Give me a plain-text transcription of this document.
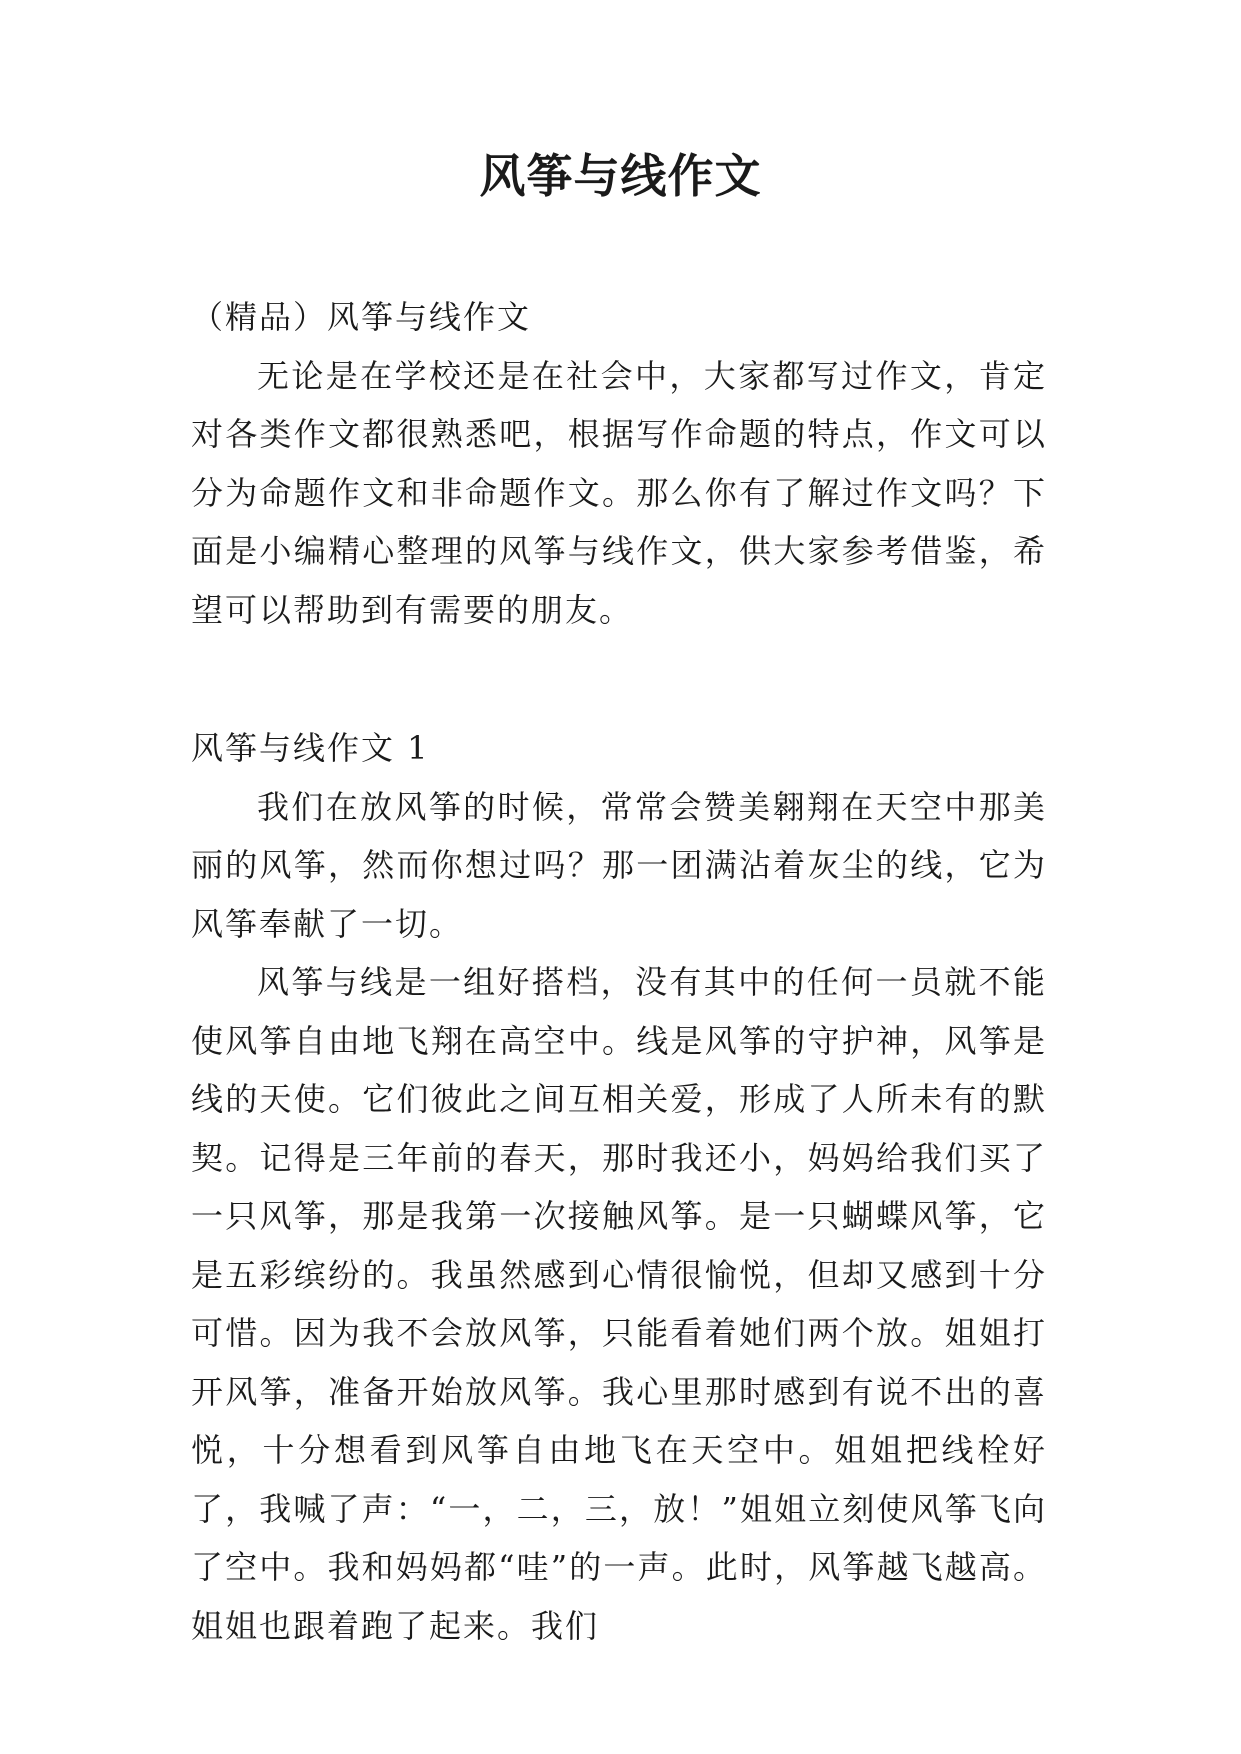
风筝与线作文

（精品）风筝与线作文

无论是在学校还是在社会中，大家都写过作文，肯定对各类作文都很熟悉吧，根据写作命题的特点，作文可以分为命题作文和非命题作文。那么你有了解过作文吗？下面是小编精心整理的风筝与线作文，供大家参考借鉴，希望可以帮助到有需要的朋友。

风筝与线作文 1

我们在放风筝的时候，常常会赞美翱翔在天空中那美丽的风筝，然而你想过吗？那一团满沾着灰尘的线，它为风筝奉献了一切。

风筝与线是一组好搭档，没有其中的任何一员就不能使风筝自由地飞翔在高空中。线是风筝的守护神，风筝是线的天使。它们彼此之间互相关爱，形成了人所未有的默契。记得是三年前的春天，那时我还小，妈妈给我们买了一只风筝，那是我第一次接触风筝。是一只蝴蝶风筝，它是五彩缤纷的。我虽然感到心情很愉悦，但却又感到十分可惜。因为我不会放风筝，只能看着她们两个放。姐姐打开风筝，准备开始放风筝。我心里那时感到有说不出的喜悦，十分想看到风筝自由地飞在天空中。姐姐把线栓好了，我喊了声：“一，二，三，放！”姐姐立刻使风筝飞向了空中。我和妈妈都“哇”的一声。此时，风筝越飞越高。姐姐也跟着跑了起来。我们
